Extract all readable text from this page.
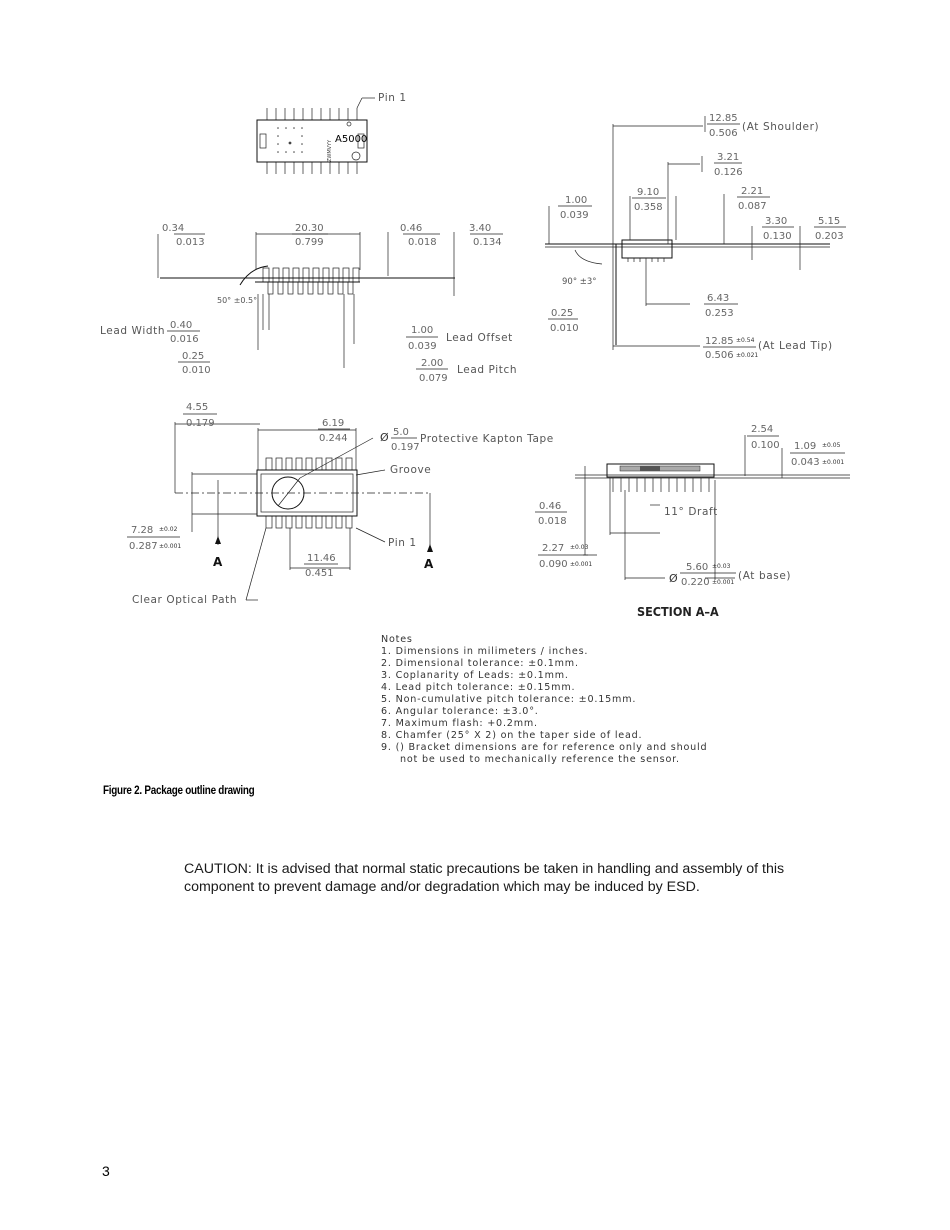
A5000
ZWMVYY
Pin 1
Lead Width 0.40
0.016
50° ±0.5°
0.34
0.013
20.30
0.799
0.46
0.018
3.40
0.134
0.25
0.010
1.00
0.039
Lead Offset
2.00
0.079
Lead Pitch
12.85
0.506
(At Shoulder)
3.21
0.126
1.00
0.039
9.10
0.358
2.21
0.087
3.30
0.130
5.15
0.203
90° ±3°
6.43
0.253
0.25
0.010
12.85 ±0.54
0.506 ±0.021
(At Lead Tip)
4.55
0.179	6.19
0.244	Ø 5.0
0.197
Protective Kapton Tape
Groove
Pin 1
Clear Optical Path
7.28 ±0.02
0.287 ±0.001
11.46
0.451
A	A
2.54
0.100 1.09 ±0.05
0.043 ±0.001
0.46
0.018
11° Draft
2.27 ±0.03
0.090 ±0.001
Ø
5.60 ±0.03
0.220 ±0.001
(At base)
SECTION A–A
Notes
1. Dimensions in milimeters / inches.
2. Dimensional tolerance: ±0.1mm.
3. Coplanarity of Leads: ±0.1mm.
4. Lead pitch tolerance: ±0.15mm.
5. Non-cumulative pitch tolerance: ±0.15mm.
6. Angular tolerance: ±3.0°.
7. Maximum flash: +0.2mm.
8. Chamfer (25° X 2) on the taper side of lead.
9. () Bracket dimensions are for reference only and should
not be used to mechanically reference the sensor.
Figure 2. Package outline drawing
CAUTION: It is advised that normal static precautions be taken in handling and assembly of this component to prevent damage and/or degradation which may be induced by ESD.
3
